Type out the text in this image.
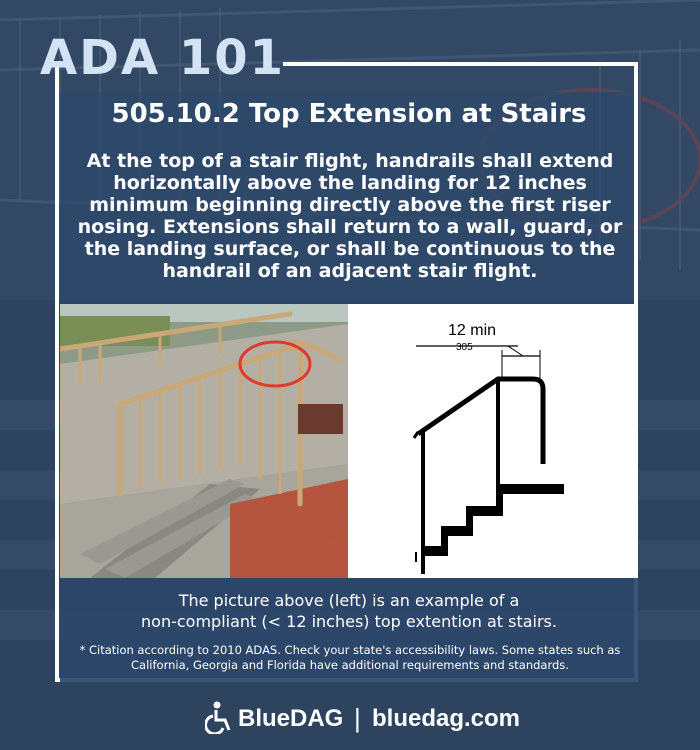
ADA 101
505.10.2 Top Extension at Stairs
At the top of a stair flight, handrails shall extend horizontally above the landing for 12 inches minimum beginning directly above the first riser nosing. Extensions shall return to a wall, guard, or the landing surface, or shall be continuous to the handrail of an adjacent stair flight.
12 min
305
The picture above (left) is an example of a
non-compliant (< 12 inches) top extention at stairs.
* Citation according to 2010 ADAS. Check your state's accessibility laws. Some states such as California, Georgia and Florida have additional requirements and standards.
BlueDAG | bluedag.com
